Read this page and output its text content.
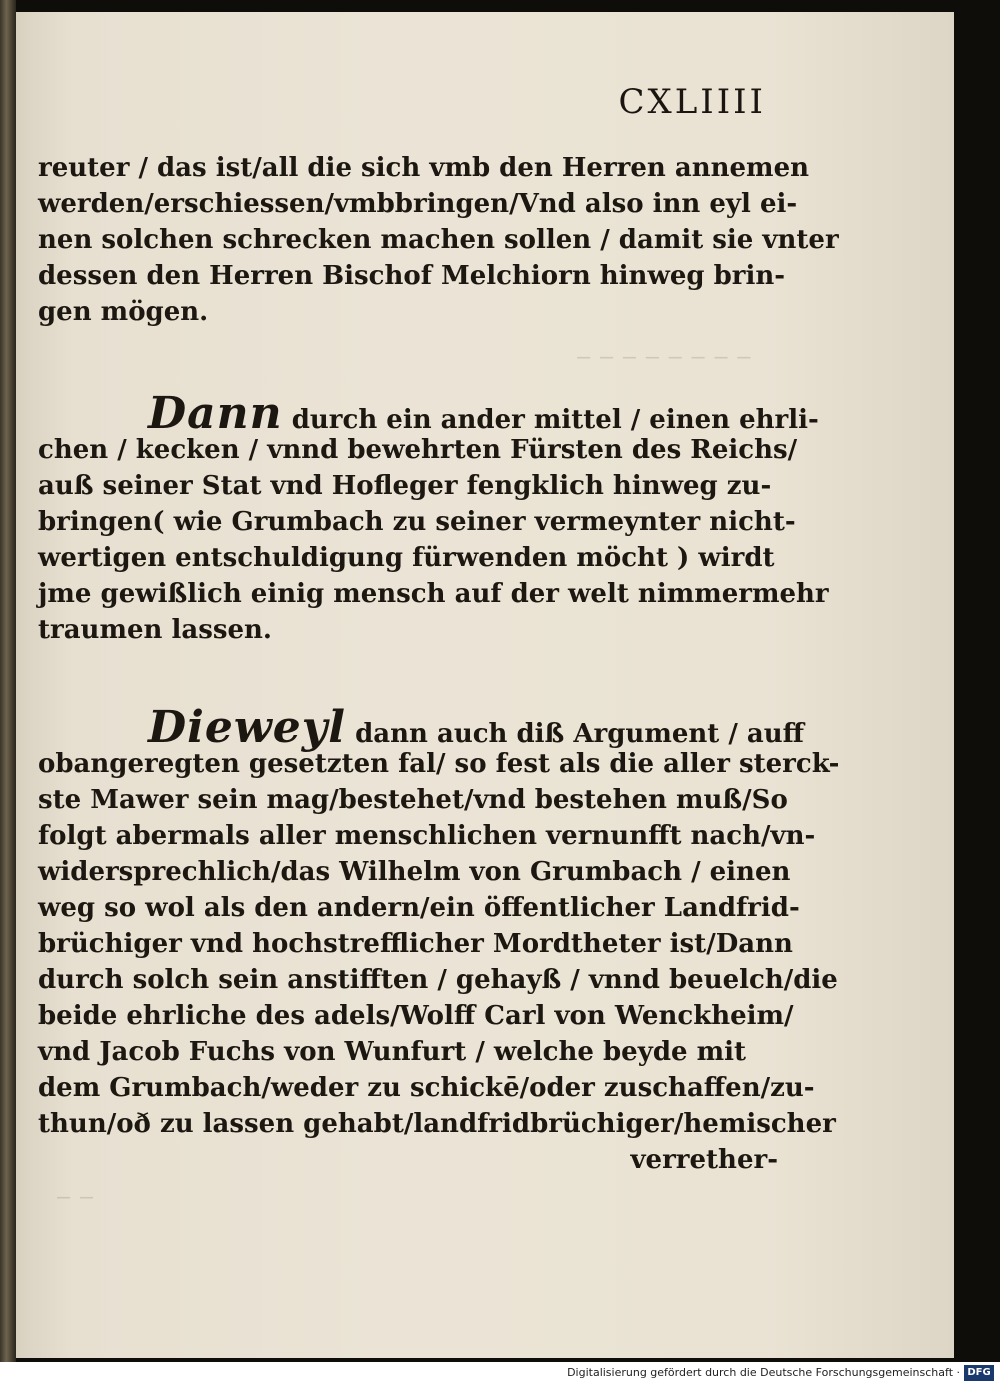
‒ ‒ ‒ ‒ ‒ ‒ ‒ ‒
‒ ‒
CXLIIII
reuter / das ist/all die sich vmb den Herren annemen
werden/erschiessen/vmbbringen/Vnd also inn eyl ei-
nen solchen schrecken machen sollen / damit sie vnter
dessen den Herren Bischof Melchiorn hinweg brin-
gen mögen.
Dann durch ein ander mittel / einen ehrli-
chen / kecken / vnnd bewehrten Fürsten des Reichs/
auß seiner Stat vnd Hofleger fengklich hinweg zu-
bringen( wie Grumbach zu seiner vermeynter nicht-
wertigen entschuldigung fürwenden möcht ) wirdt
jme gewißlich einig mensch auf der welt nimmermehr
traumen lassen.
Dieweyl dann auch diß Argument / auff
obangeregten gesetzten fal/ so fest als die aller sterck-
ste Mawer sein mag/bestehet/vnd bestehen muß/So
folgt abermals aller menschlichen vernunfft nach/vn-
widersprechlich/das Wilhelm von Grumbach / einen
weg so wol als den andern/ein öffentlicher Landfrid-
brüchiger vnd hochstrefflicher Mordtheter ist/Dann
durch solch sein anstifften / gehayß / vnnd beuelch/die
beide ehrliche des adels/Wolff Carl von Wenckheim/
vnd Jacob Fuchs von Wunfurt / welche beyde mit
dem Grumbach/weder zu schickē/oder zuschaffen/zu-
thun/oð zu lassen gehabt/landfridbrüchiger/hemischer
verrether-
Digitalisierung gefördert durch die Deutsche Forschungsgemeinschaft · DFG
